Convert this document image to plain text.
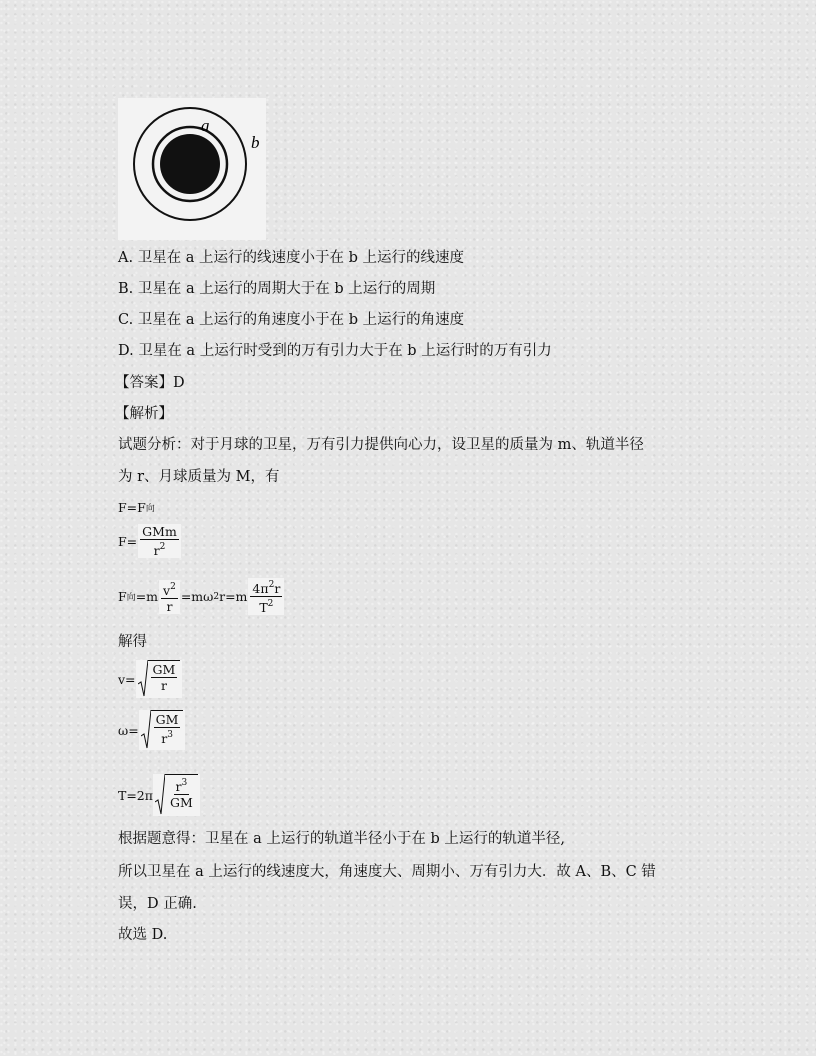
a
b
A. 卫星在 a 上运行的线速度小于在 b 上运行的线速度
B. 卫星在 a 上运行的周期大于在 b 上运行的周期
C. 卫星在 a 上运行的角速度小于在 b 上运行的角速度
D. 卫星在 a 上运行时受到的万有引力大于在 b 上运行时的万有引力
【答案】D
【解析】
试题分析：对于月球的卫星，万有引力提供向心力，设卫星的质量为 m、轨道半径
为 r、月球质量为 M，有
F=F 向
$F= \frac{\text{GMm}}{r^2}$
F 向 $=m \frac{v^2}{r} =m\omega$ 2 $r=m \frac{4\pi^2r}{T^2}$
解得
$v= \frac{GM}{r}$
$\omega= \frac{GM}{r^3}$
$T=2\pi \frac{r^3}{GM}$
根据题意得：卫星在 a 上运行的轨道半径小于在 b 上运行的轨道半径,
所以卫星在 a 上运行的线速度大，角速度大、周期小、万有引力大．故 A、B、C 错
误，D 正确.
故选 D.
